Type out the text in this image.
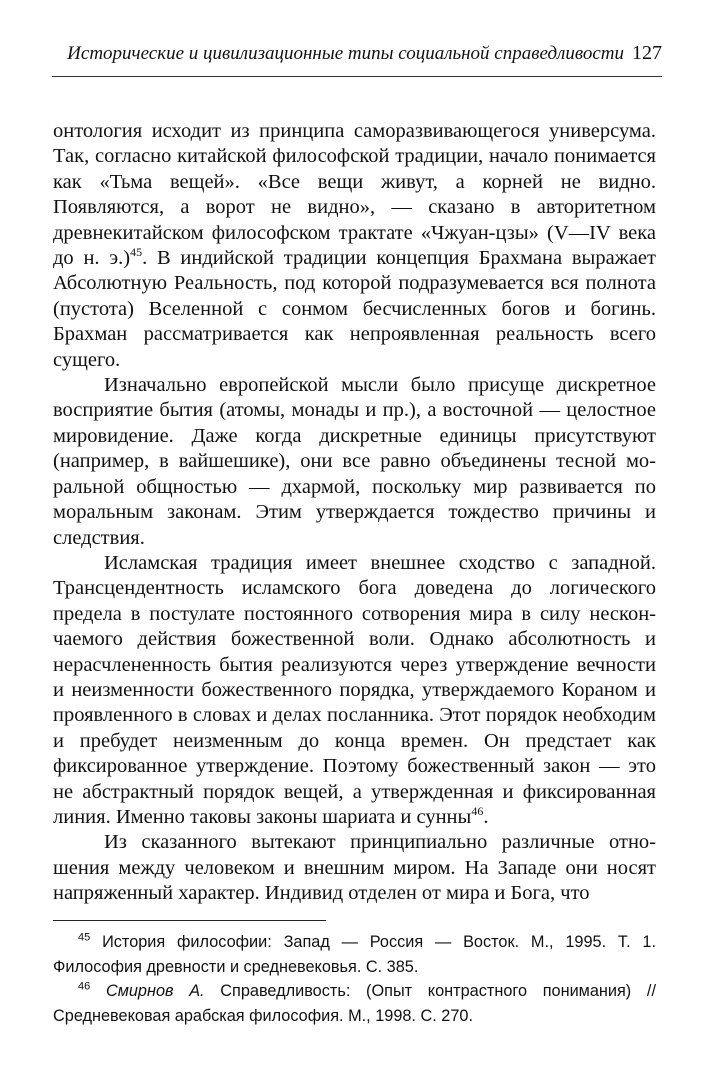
Исторические и цивилизационные типы социальной справедливости 127

онтология исходит из принципа саморазвивающегося универсума. Так, согласно китайской философской традиции, начало понимается как «Тьма вещей». «Все вещи живут, а корней не видно. Появляются, а ворот не видно», — сказано в авторитетном древнекитайском философском трактате «Чжуан-цзы» (V—IV века до н. э.)$^{45}$. В индийской традиции концепция Брахмана выражает Абсолютную Реальность, под которой подразумевается вся полнота (пустота) Вселенной с сонмом бесчисленных богов и богинь. Брахман рассматривается как непроявленная реальность всего сущего.

Изначально европейской мысли было присуще дискретное восприятие бытия (атомы, монады и пр.), а восточной — целостное мировидение. Даже когда дискретные единицы присутствуют (например, в вайшешике), они все равно объединены тесной моральной общностью — дхармой, поскольку мир развивается по моральным законам. Этим утверждается тождество причины и следствия.

Исламская традиция имеет внешнее сходство с западной. Трансцендентность исламского бога доведена до логического предела в постулате постоянного сотворения мира в силу нескончаемого действия божественной воли. Однако абсолютность и нерасчлененность бытия реализуются через утверждение вечности и неизменности божественного порядка, утверждаемого Кораном и проявленного в словах и делах посланника. Этот порядок необходим и пребудет неизменным до конца времен. Он предстает как фиксированное утверждение. Поэтому божественный закон — это не абстрактный порядок вещей, а утвержденная и фиксированная линия. Именно таковы законы шариата и сунны$^{46}$.

Из сказанного вытекают принципиально различные отношения между человеком и внешним миром. На Западе они носят напряженный характер. Индивид отделен от мира и Бога, что

$^{45}$ История философии: Запад — Россия — Восток. М., 1995. Т. 1. Философия древности и средневековья. С. 385.

$^{46}$ Смирнов А. Справедливость: (Опыт контрастного понимания) // Средневековая арабская философия. М., 1998. С. 270.
